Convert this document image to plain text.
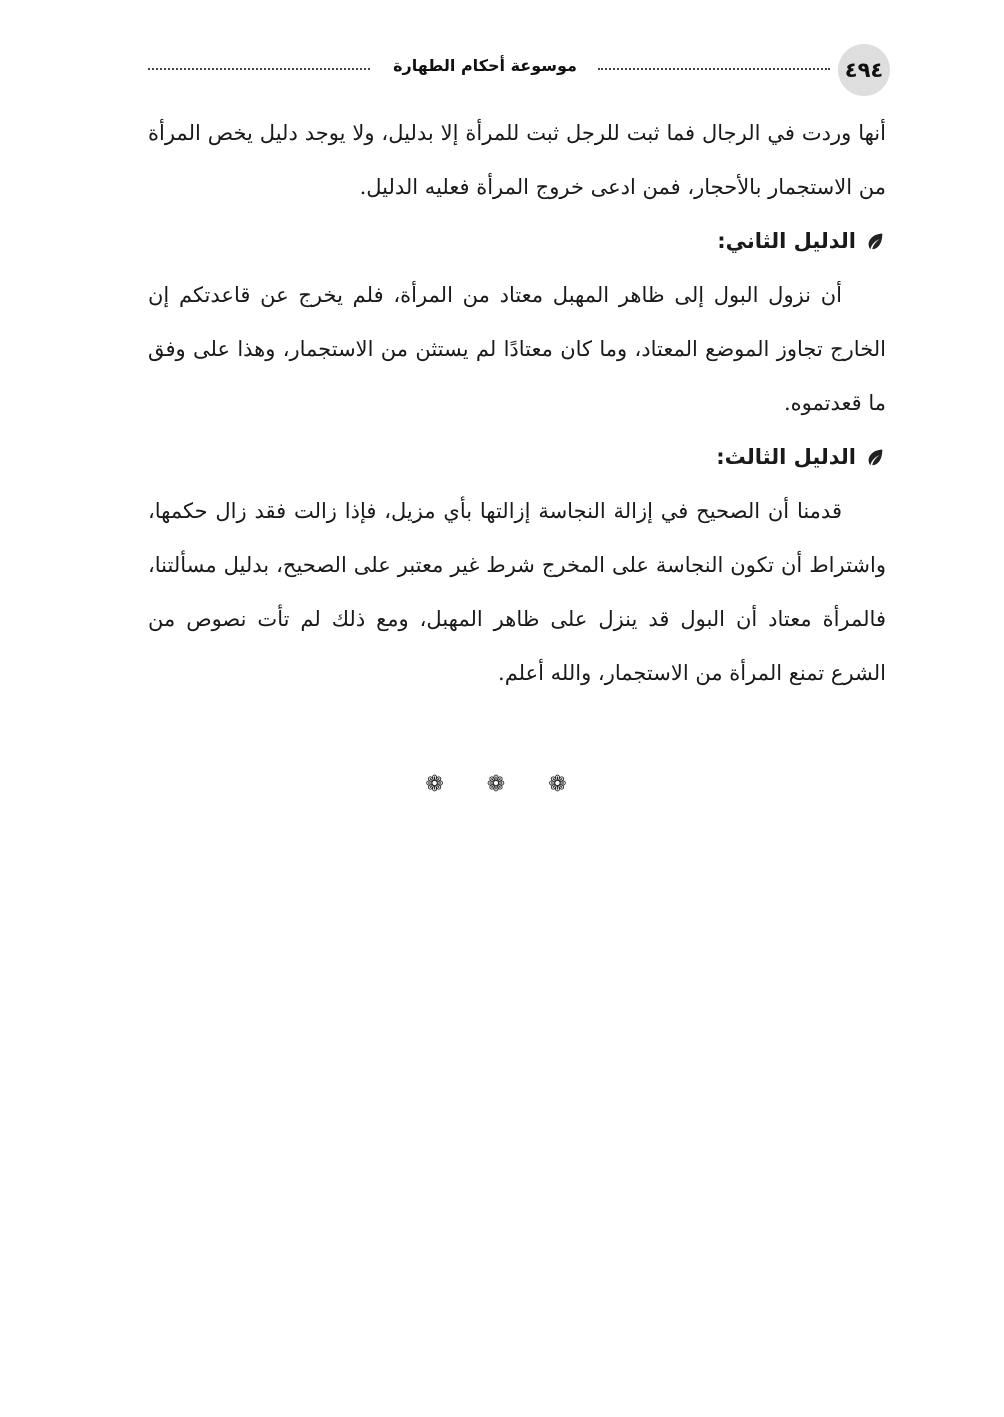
٤٩٤
موسوعة أحكام الطهارة

أنها وردت في الرجال فما ثبت للرجل ثبت للمرأة إلا بدليل، ولا يوجد دليل يخص المرأة من الاستجمار بالأحجار، فمن ادعى خروج المرأة فعليه الدليل.

الدليل الثاني:

أن نزول البول إلى ظاهر المهبل معتاد من المرأة، فلم يخرج عن قاعدتكم إن الخارج تجاوز الموضع المعتاد، وما كان معتادًا لم يستثن من الاستجمار، وهذا على وفق ما قعدتموه.

الدليل الثالث:

قدمنا أن الصحيح في إزالة النجاسة إزالتها بأي مزيل، فإذا زالت فقد زال حكمها، واشتراط أن تكون النجاسة على المخرج شرط غير معتبر على الصحيح، بدليل مسألتنا، فالمرأة معتاد أن البول قد ينزل على ظاهر المهبل، ومع ذلك لم تأت نصوص من الشرع تمنع المرأة من الاستجمار، والله أعلم.

❁ ❁ ❁
